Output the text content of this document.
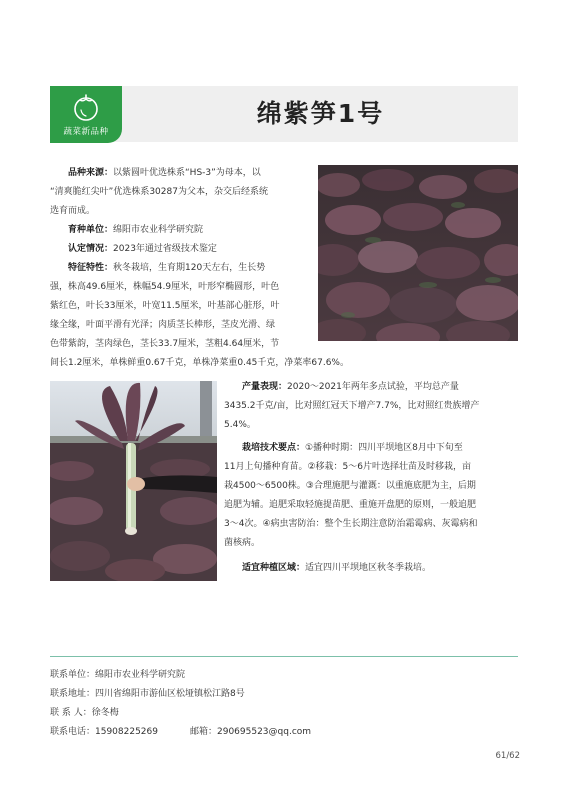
蔬菜新品种
绵紫笋1号
品种来源：以紫圆叶优选株系“HS-3”为母本，以
“清爽脆红尖叶”优选株系30287为父本，杂交后经系统
选育而成。
育种单位：绵阳市农业科学研究院
认定情况：2023年通过省级技术鉴定
特征特性：秋冬栽培，生育期120天左右，生长势
强，株高49.6厘米，株幅54.9厘米，叶形窄椭圆形，叶色
紫红色，叶长33厘米，叶宽11.5厘米，叶基部心脏形，叶
缘全缘，叶面平滑有光泽；肉质茎长棒形，茎皮光滑、绿
色带紫韵，茎肉绿色，茎长33.7厘米，茎粗4.64厘米，节
间长1.2厘米，单株鲜重0.67千克，单株净菜重0.45千克，净菜率67.6%。
产量表现：2020～2021年两年多点试验，平均总产量
3435.2千克/亩，比对照红冠天下增产7.7%，比对照红贵族增产
5.4%。
栽培技术要点：①播种时期：四川平坝地区8月中下旬至
11月上旬播种育苗。②移栽：5～6片叶选择壮苗及时移栽，亩
栽4500～6500株。③合理施肥与灌溉：以重施底肥为主，后期
追肥为辅。追肥采取轻施提苗肥、重施开盘肥的原则，一般追肥
3～4次。④病虫害防治：整个生长期注意防治霜霉病、灰霉病和
菌核病。
适宜种植区域：适宜四川平坝地区秋冬季栽培。
联系单位：绵阳市农业科学研究院
联系地址：四川省绵阳市游仙区松垭镇松江路8号
联 系 人：徐冬梅
联系电话：15908225269	邮箱：290695523@qq.com
61/62
